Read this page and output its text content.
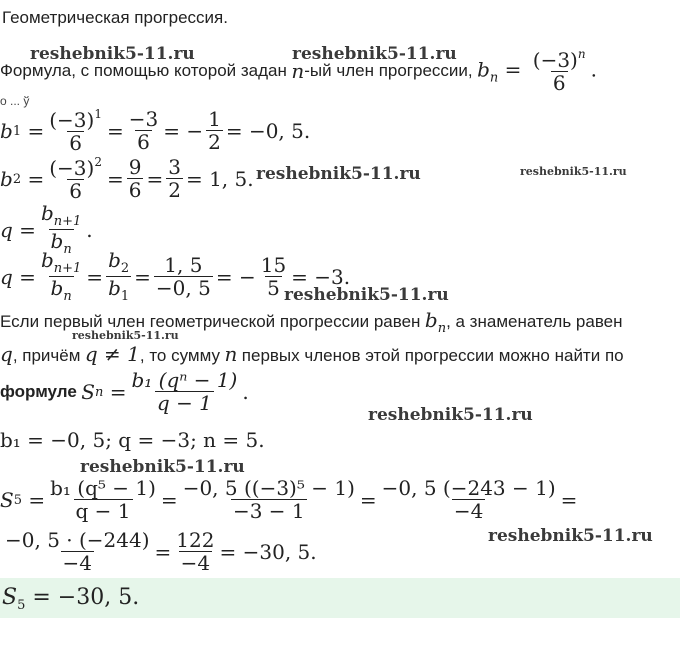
Геометрическая прогрессия.
reshebnik5-11.ru	reshebnik5-11.ru
reshebnik5-11.ru	reshebnik5-11.ru
reshebnik5-11.ru
reshebnik5-11.ru
reshebnik5-11.ru
reshebnik5-11.ru
reshebnik5-11.ru
Формула, с помощью которой задан
n -ый член прогрессии,
$b_n = \frac{(-3)^n}{6}$ .
о ... ў
b $1 = \frac{(-3)^1}{6} = \frac{-3}{6}$ = − $\frac{1}{2} = -0$, 5.
b $2 = \frac{(-3)^2}{6} = \frac{9}{6} = \frac{3}{2} = 1$, 5.
$q = \frac{b_{n+1}}{b_n}$ .
$q = \frac{b_{n+1}}{b_n} = \frac{b_2}{b_1} = \frac{1, 5}{-0, 5}$ = − $\frac{15}{5} = -3$.
Если первый член геометрической прогрессии равен
$b_n$ , а знаменатель равен
q , причём
q ≠ 1 , то сумму
n
первых членов этой прогрессии можно найти по
формуле
S $n = \frac{\text{b₁ (qⁿ − 1)}}{q - 1}$ .
b₁ = −0, 5; q = −3; n = 5.
S $5 = \frac{\text{b₁ (q⁵ − 1)}}{q - 1} = \frac{\text{−0, 5 ((−3)⁵ − 1)}}{-3 - 1} = \frac{-0, 5 (-243 - 1)}{-4}$ =
$\frac{-0, 5 \cdot (-244)}{-4} = \frac{122}{-4} = -30$, 5.
$S_5 = -30$, 5.
